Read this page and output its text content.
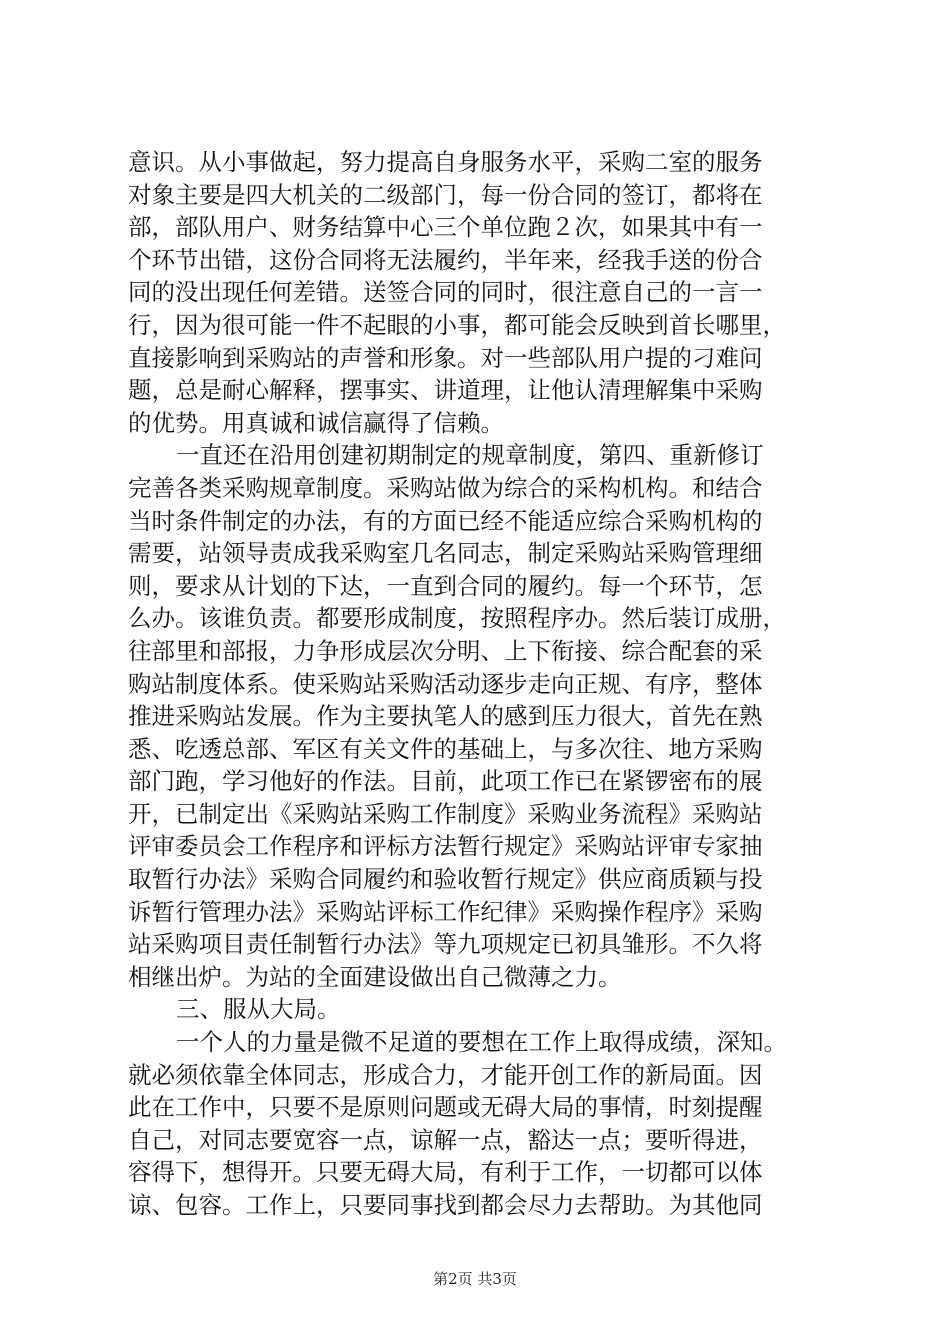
意识。从小事做起，努力提高自身服务水平，采购二室的服务
对象主要是四大机关的二级部门，每一份合同的签订，都将在
部，部队用户、财务结算中心三个单位跑２次，如果其中有一
个环节出错，这份合同将无法履约，半年来，经我手送的份合
同的没出现任何差错。送签合同的同时，很注意自己的一言一
行，因为很可能一件不起眼的小事，都可能会反映到首长哪里，
直接影响到采购站的声誉和形象。对一些部队用户提的刁难问
题，总是耐心解释，摆事实、讲道理，让他认清理解集中采购
的优势。用真诚和诚信赢得了信赖。
一直还在沿用创建初期制定的规章制度，第四、重新修订
完善各类采购规章制度。采购站做为综合的采构机构。和结合
当时条件制定的办法，有的方面已经不能适应综合采购机构的
需要，站领导责成我采购室几名同志，制定采购站采购管理细
则，要求从计划的下达，一直到合同的履约。每一个环节，怎
么办。该谁负责。都要形成制度，按照程序办。然后装订成册，
往部里和部报，力争形成层次分明、上下衔接、综合配套的采
购站制度体系。使采购站采购活动逐步走向正规、有序，整体
推进采购站发展。作为主要执笔人的感到压力很大，首先在熟
悉、吃透总部、军区有关文件的基础上，与多次往、地方采购
部门跑，学习他好的作法。目前，此项工作已在紧锣密布的展
开，已制定出《采购站采购工作制度》采购业务流程》采购站
评审委员会工作程序和评标方法暂行规定》采购站评审专家抽
取暂行办法》采购合同履约和验收暂行规定》供应商质颖与投
诉暂行管理办法》采购站评标工作纪律》采购操作程序》采购
站采购项目责任制暂行办法》等九项规定已初具雏形。不久将
相继出炉。为站的全面建设做出自己微薄之力。
三、服从大局。
一个人的力量是微不足道的要想在工作上取得成绩，深知。
就必须依靠全体同志，形成合力，才能开创工作的新局面。因
此在工作中，只要不是原则问题或无碍大局的事情，时刻提醒
自己，对同志要宽容一点，谅解一点，豁达一点；要听得进，
容得下，想得开。只要无碍大局，有利于工作，一切都可以体
谅、包容。工作上，只要同事找到都会尽力去帮助。为其他同
第2页 共3页
